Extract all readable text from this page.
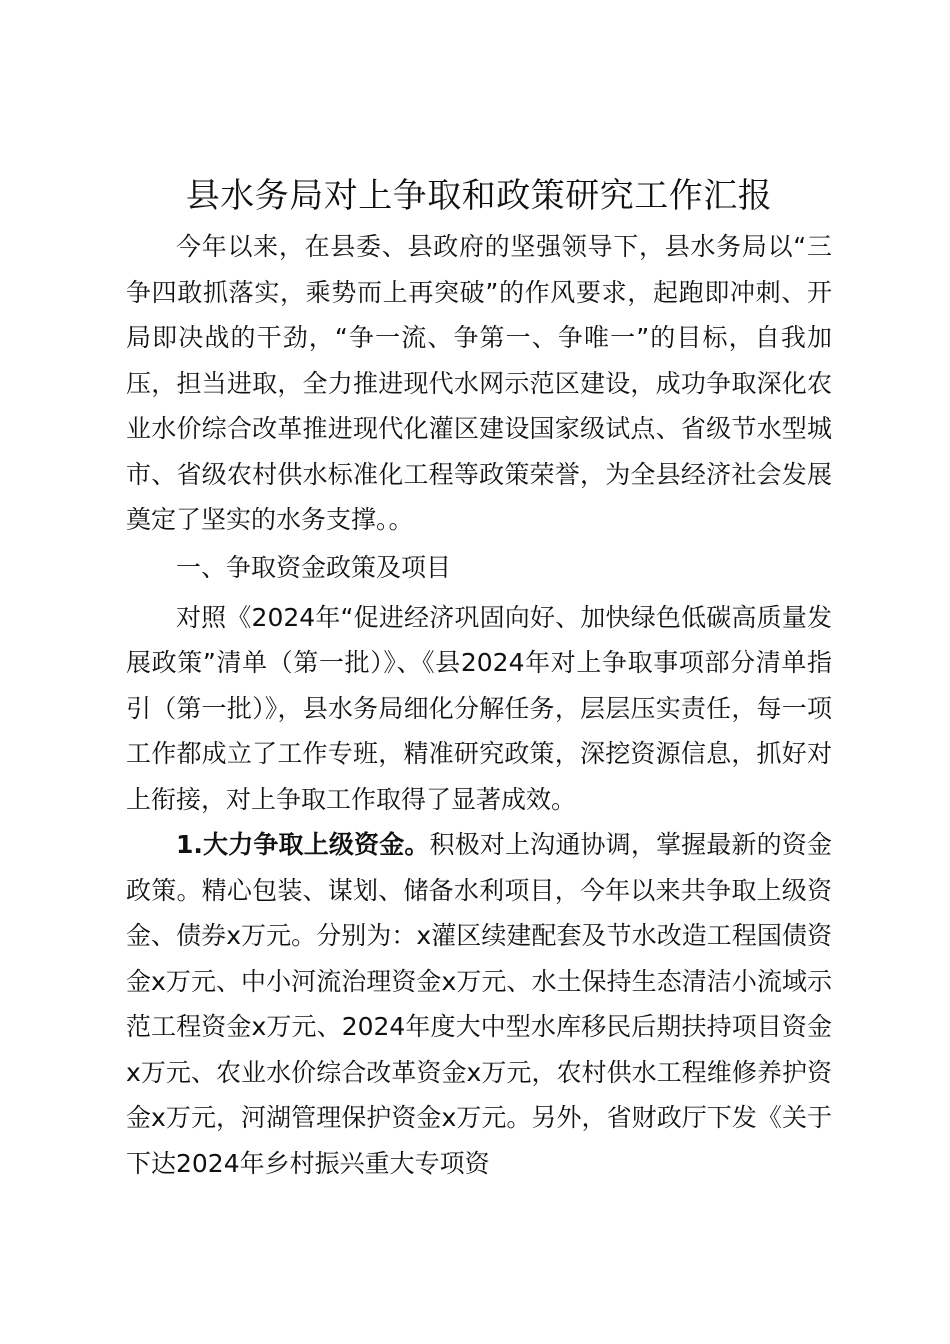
县水务局对上争取和政策研究工作汇报

今年以来，在县委、县政府的坚强领导下，县水务局以“三争四敢抓落实，乘势而上再突破”的作风要求，起跑即冲刺、开局即决战的干劲，“争一流、争第一、争唯一”的目标，自我加压，担当进取，全力推进现代水网示范区建设，成功争取深化农业水价综合改革推进现代化灌区建设国家级试点、省级节水型城市、省级农村供水标准化工程等政策荣誉，为全县经济社会发展奠定了坚实的水务支撑。。

一、争取资金政策及项目

对照《2024年“促进经济巩固向好、加快绿色低碳高质量发展政策”清单（第一批）》、《县2024年对上争取事项部分清单指引（第一批）》，县水务局细化分解任务，层层压实责任，每一项工作都成立了工作专班，精准研究政策，深挖资源信息，抓好对上衔接，对上争取工作取得了显著成效。

1.大力争取上级资金。积极对上沟通协调，掌握最新的资金政策。精心包装、谋划、储备水利项目，今年以来共争取上级资金、债券x万元。分别为：x灌区续建配套及节水改造工程国债资金x万元、中小河流治理资金x万元、水土保持生态清洁小流域示范工程资金x万元、2024年度大中型水库移民后期扶持项目资金x万元、农业水价综合改革资金x万元，农村供水工程维修养护资金x万元，河湖管理保护资金x万元。另外，省财政厅下发《关于下达2024年乡村振兴重大专项资
